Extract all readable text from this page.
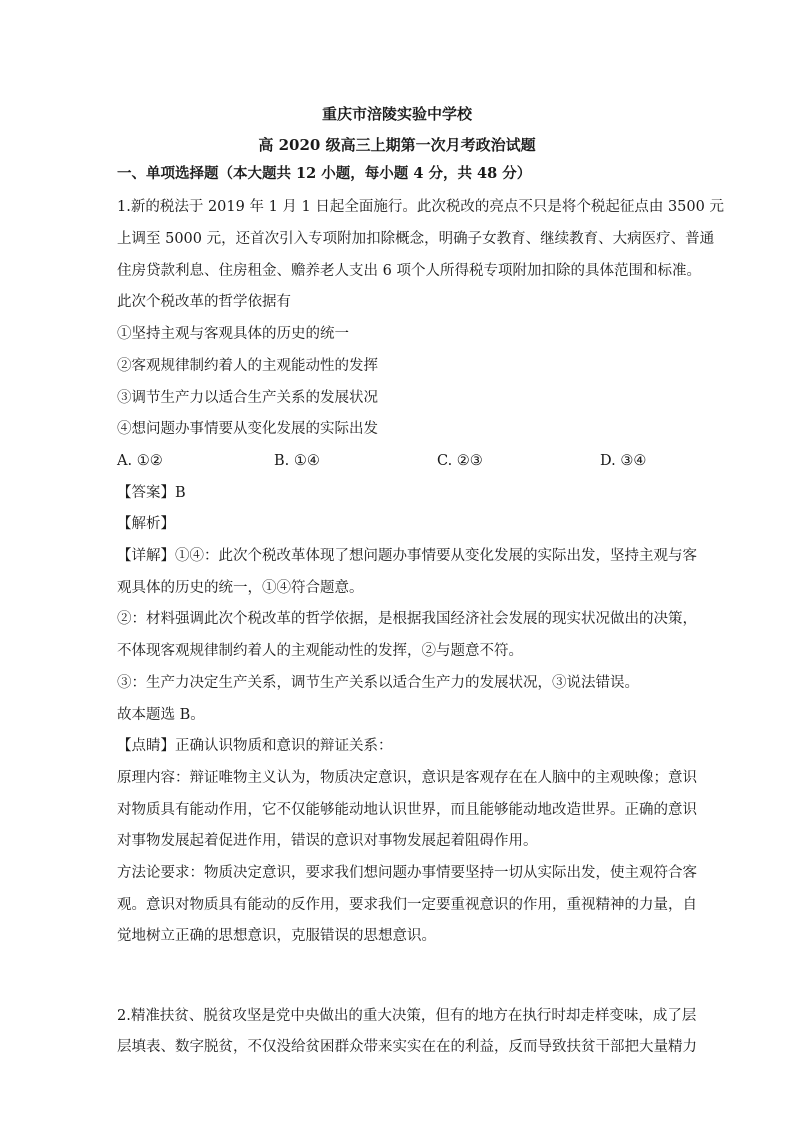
重庆市涪陵实验中学校
高 2020 级高三上期第一次月考政治试题
一、单项选择题（本大题共 12 小题，每小题 4 分，共 48 分）
1.新的税法于 2019 年 1 月 1 日起全面施行。此次税改的亮点不只是将个税起征点由 3500 元
上调至 5000 元，还首次引入专项附加扣除概念，明确子女教育、继续教育、大病医疗、普通
住房贷款利息、住房租金、赡养老人支出 6 项个人所得税专项附加扣除的具体范围和标准。
此次个税改革的哲学依据有
①坚持主观与客观具体的历史的统一
②客观规律制约着人的主观能动性的发挥
③调节生产力以适合生产关系的发展状况
④想问题办事情要从变化发展的实际出发
A. ①②	B. ①④	C. ②③	D. ③④
【答案】B
【解析】
【详解】①④：此次个税改革体现了想问题办事情要从变化发展的实际出发，坚持主观与客
观具体的历史的统一，①④符合题意。
②：材料强调此次个税改革的哲学依据，是根据我国经济社会发展的现实状况做出的决策，
不体现客观规律制约着人的主观能动性的发挥，②与题意不符。
③：生产力决定生产关系，调节生产关系以适合生产力的发展状况，③说法错误。
故本题选 B。
【点睛】正确认识物质和意识的辩证关系：
原理内容：辩证唯物主义认为，物质决定意识，意识是客观存在在人脑中的主观映像；意识
对物质具有能动作用，它不仅能够能动地认识世界，而且能够能动地改造世界。正确的意识
对事物发展起着促进作用，错误的意识对事物发展起着阻碍作用。
方法论要求：物质决定意识，要求我们想问题办事情要坚持一切从实际出发，使主观符合客
观。意识对物质具有能动的反作用，要求我们一定要重视意识的作用，重视精神的力量，自
觉地树立正确的思想意识，克服错误的思想意识。
2.精准扶贫、脱贫攻坚是党中央做出的重大决策，但有的地方在执行时却走样变味，成了层
层填表、数字脱贫，不仅没给贫困群众带来实实在在的利益，反而导致扶贫干部把大量精力
